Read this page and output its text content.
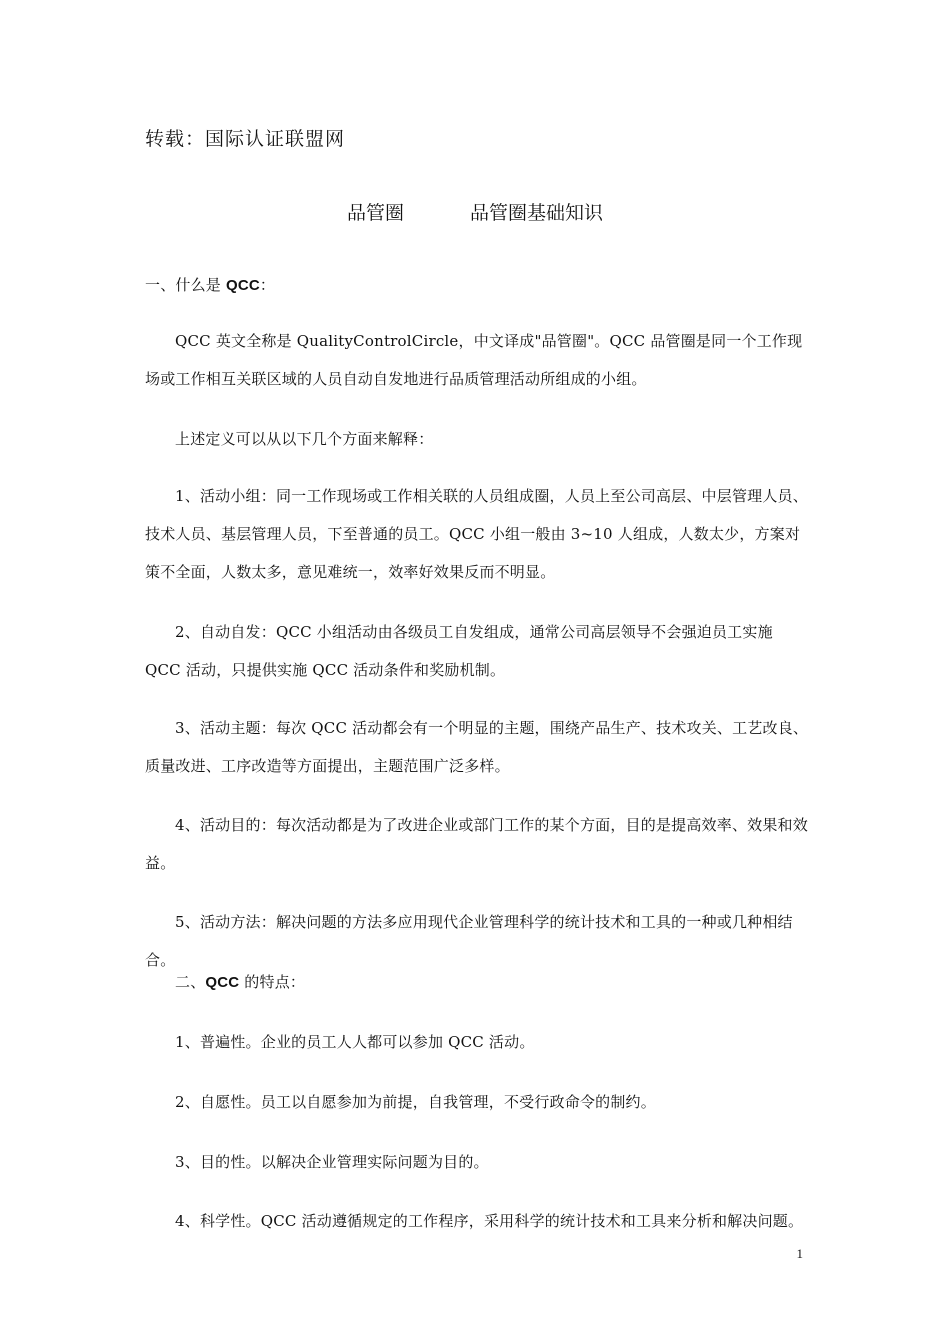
转载：国际认证联盟网
品管圈	品管圈基础知识
一、什么是 QCC：
QCC 英文全称是 QualityControlCircle，中文译成"品管圈"。QCC 品管圈是同一个工作现场或工作相互关联区域的人员自动自发地进行品质管理活动所组成的小组。
上述定义可以从以下几个方面来解释：
1、活动小组：同一工作现场或工作相关联的人员组成圈，人员上至公司高层、中层管理人员、技术人员、基层管理人员，下至普通的员工。QCC 小组一般由 3~10 人组成，人数太少，方案对策不全面，人数太多，意见难统一，效率好效果反而不明显。
2、自动自发：QCC 小组活动由各级员工自发组成，通常公司高层领导不会强迫员工实施 QCC 活动，只提供实施 QCC 活动条件和奖励机制。
3、活动主题：每次 QCC 活动都会有一个明显的主题，围绕产品生产、技术攻关、工艺改良、质量改进、工序改造等方面提出，主题范围广泛多样。
4、活动目的：每次活动都是为了改进企业或部门工作的某个方面，目的是提高效率、效果和效益。
5、活动方法：解决问题的方法多应用现代企业管理科学的统计技术和工具的一种或几种相结合。
二、QCC 的特点：
1、普遍性。企业的员工人人都可以参加 QCC 活动。
2、自愿性。员工以自愿参加为前提，自我管理，不受行政命令的制约。
3、目的性。以解决企业管理实际问题为目的。
4、科学性。QCC 活动遵循规定的工作程序，采用科学的统计技术和工具来分析和解决问题。
1
